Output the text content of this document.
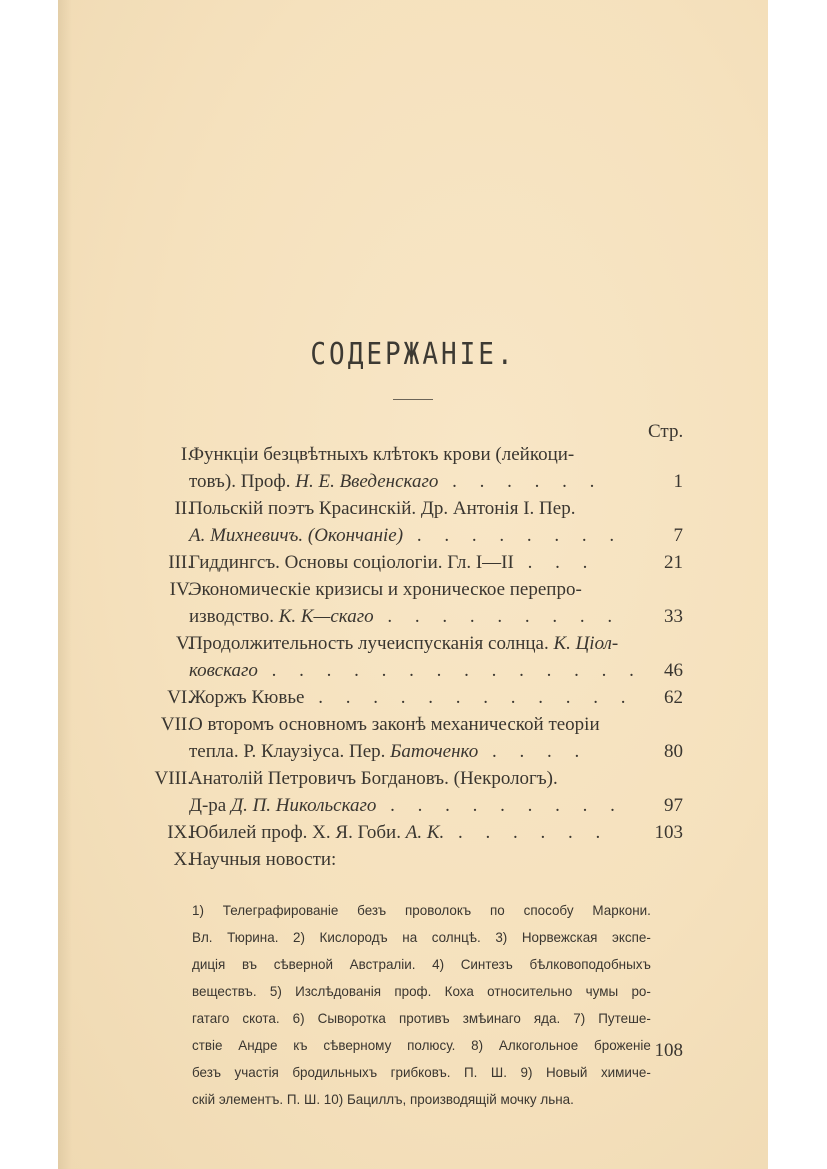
СОДЕРЖАНІЕ.
Стр.
I.
Функціи безцвѣтныхъ клѣтокъ крови (лейкоци-
товъ). Проф. Н. Е. Введенскаго . . . . . .	1
II.
Польскій поэтъ Красинскій. Др. Антонія І. Пер.
А. Михневичъ. (Окончаніе) . . . . . . . .	7
III.
Гиддингсъ. Основы соціологіи. Гл. I—II . . .	21
IV.
Экономическіе кризисы и хроническое перепро-
изводство. К. К—скаго . . . . . . . . . 33
V.
Продолжительность лучеиспусканія солнца. К. Ціол-
ковскаго . . . . . . . . . . . . . . 46
VI.
Жоржъ Кювье . . . . . . . . . . . . 62
VII.
О второмъ основномъ законѣ механической теоріи
тепла. Р. Клаузіуса. Пер. Баточенко . . . .	80
VIII.
Анатолій Петровичъ Богдановъ. (Некрологъ).
Д-ра Д. П. Никольскаго . . . . . . . . . 97
IX.
Юбилей проф. Х. Я. Гоби. А. К. . . . . . . 103
X.
Научныя новости:
1) Телеграфированіе безъ проволокъ по способу Маркони.
Вл. Тюрина. 2) Кислородъ на солнцѣ. 3) Норвежская экспе-
диція въ сѣверной Австраліи. 4) Синтезъ бѣлковоподобныхъ
веществъ. 5) Изслѣдованія проф. Коха относительно чумы ро-
гатаго скота. 6) Сыворотка противъ змѣинаго яда. 7) Путеше-
ствіе Андре къ сѣверному полюсу. 8) Алкогольное броженіе
безъ участія бродильныхъ грибковъ. П. Ш. 9) Новый химиче-
скій элементъ. П. Ш. 10) Бациллъ, производящій мочку льна.
108
